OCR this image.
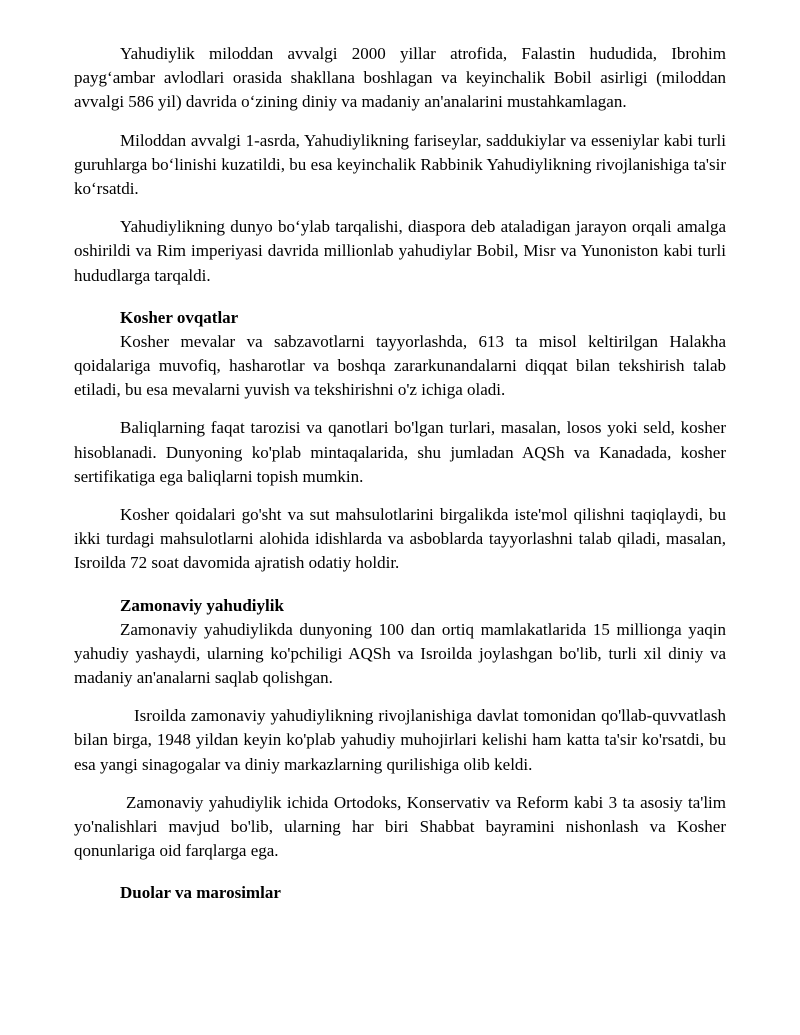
Yahudiylik miloddan avvalgi 2000 yillar atrofida, Falastin hududida, Ibrohim payg‘ambar avlodlari orasida shakllana boshlagan va keyinchalik Bobil asirligi (miloddan avvalgi 586 yil) davrida o‘zining diniy va madaniy an'analarini mustahkamlagan.

Miloddan avvalgi 1-asrda, Yahudiylikning fariseylar, saddukiylar va esseniylar kabi turli guruhlarga bo‘linishi kuzatildi, bu esa keyinchalik Rabbinik Yahudiylikning rivojlanishiga ta'sir ko‘rsatdi.

Yahudiylikning dunyo bo‘ylab tarqalishi, diaspora deb ataladigan jarayon orqali amalga oshirildi va Rim imperiyasi davrida millionlab yahudiylar Bobil, Misr va Yunoniston kabi turli hududlarga tarqaldi.

Kosher ovqatlar

Kosher mevalar va sabzavotlarni tayyorlashda, 613 ta misol keltirilgan Halakha qoidalariga muvofiq, hasharotlar va boshqa zararkunandalarni diqqat bilan tekshirish talab etiladi, bu esa mevalarni yuvish va tekshirishni o'z ichiga oladi.

Baliqlarning faqat tarozisi va qanotlari bo'lgan turlari, masalan, losos yoki seld, kosher hisoblanadi. Dunyoning ko'plab mintaqalarida, shu jumladan AQSh va Kanadada, kosher sertifikatiga ega baliqlarni topish mumkin.

Kosher qoidalari go'sht va sut mahsulotlarini birgalikda iste'mol qilishni taqiqlaydi, bu ikki turdagi mahsulotlarni alohida idishlarda va asboblarda tayyorlashni talab qiladi, masalan, Isroilda 72 soat davomida ajratish odatiy holdir.

Zamonaviy yahudiylik

Zamonaviy yahudiylikda dunyoning 100 dan ortiq mamlakatlarida 15 millionga yaqin yahudiy yashaydi, ularning ko'pchiligi AQSh va Isroilda joylashgan bo'lib, turli xil diniy va madaniy an'analarni saqlab qolishgan.

Isroilda zamonaviy yahudiylikning rivojlanishiga davlat tomonidan qo'llab-quvvatlash bilan birga, 1948 yildan keyin ko'plab yahudiy muhojirlari kelishi ham katta ta'sir ko'rsatdi, bu esa yangi sinagogalar va diniy markazlarning qurilishiga olib keldi.

Zamonaviy yahudiylik ichida Ortodoks, Konservativ va Reform kabi 3 ta asosiy ta'lim yo'nalishlari mavjud bo'lib, ularning har biri Shabbat bayramini nishonlash va Kosher qonunlariga oid farqlarga ega.

Duolar va marosimlar
